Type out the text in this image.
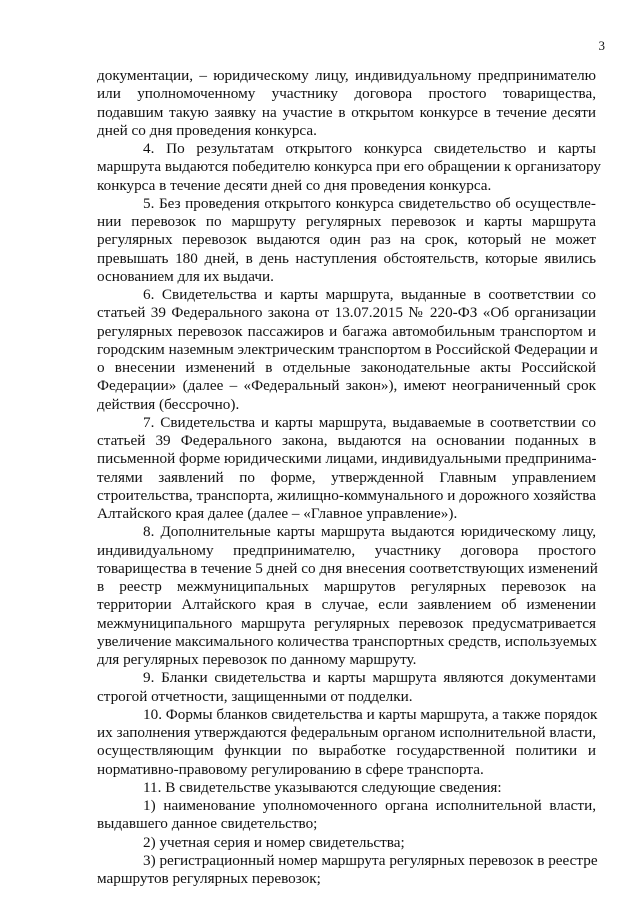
3
документации, – юридическому лицу, индивидуальному предпринимателю
или уполномоченному участнику договора простого товарищества,
подавшим такую заявку на участие в открытом конкурсе в течение десяти
дней со дня проведения конкурса.
4. По результатам открытого конкурса свидетельство и карты
маршрута выдаются победителю конкурса при его обращении к организатору
конкурса в течение десяти дней со дня проведения конкурса.
5. Без проведения открытого конкурса свидетельство об осуществле-
нии перевозок по маршруту регулярных перевозок и карты маршрута
регулярных перевозок выдаются один раз на срок, который не может
превышать 180 дней, в день наступления обстоятельств, которые явились
основанием для их выдачи.
6. Свидетельства и карты маршрута, выданные в соответствии со
статьей 39 Федерального закона от 13.07.2015 № 220-ФЗ «Об организации
регулярных перевозок пассажиров и багажа автомобильным транспортом и
городским наземным электрическим транспортом в Российской Федерации и
о внесении изменений в отдельные законодательные акты Российской
Федерации» (далее – «Федеральный закон»), имеют неограниченный срок
действия (бессрочно).
7. Свидетельства и карты маршрута, выдаваемые в соответствии со
статьей 39 Федерального закона, выдаются на основании поданных в
письменной форме юридическими лицами, индивидуальными предпринима-
телями заявлений по форме, утвержденной Главным управлением
строительства, транспорта, жилищно-коммунального и дорожного хозяйства
Алтайского края далее (далее – «Главное управление»).
8. Дополнительные карты маршрута выдаются юридическому лицу,
индивидуальному предпринимателю, участнику договора простого
товарищества в течение 5 дней со дня внесения соответствующих изменений
в реестр межмуниципальных маршрутов регулярных перевозок на
территории Алтайского края в случае, если заявлением об изменении
межмуниципального маршрута регулярных перевозок предусматривается
увеличение максимального количества транспортных средств, используемых
для регулярных перевозок по данному маршруту.
9. Бланки свидетельства и карты маршрута являются документами
строгой отчетности, защищенными от подделки.
10. Формы бланков свидетельства и карты маршрута, а также порядок
их заполнения утверждаются федеральным органом исполнительной власти,
осуществляющим функции по выработке государственной политики и
нормативно-правовому регулированию в сфере транспорта.
11. В свидетельстве указываются следующие сведения:
1) наименование уполномоченного органа исполнительной власти,
выдавшего данное свидетельство;
2) учетная серия и номер свидетельства;
3) регистрационный номер маршрута регулярных перевозок в реестре
маршрутов регулярных перевозок;
